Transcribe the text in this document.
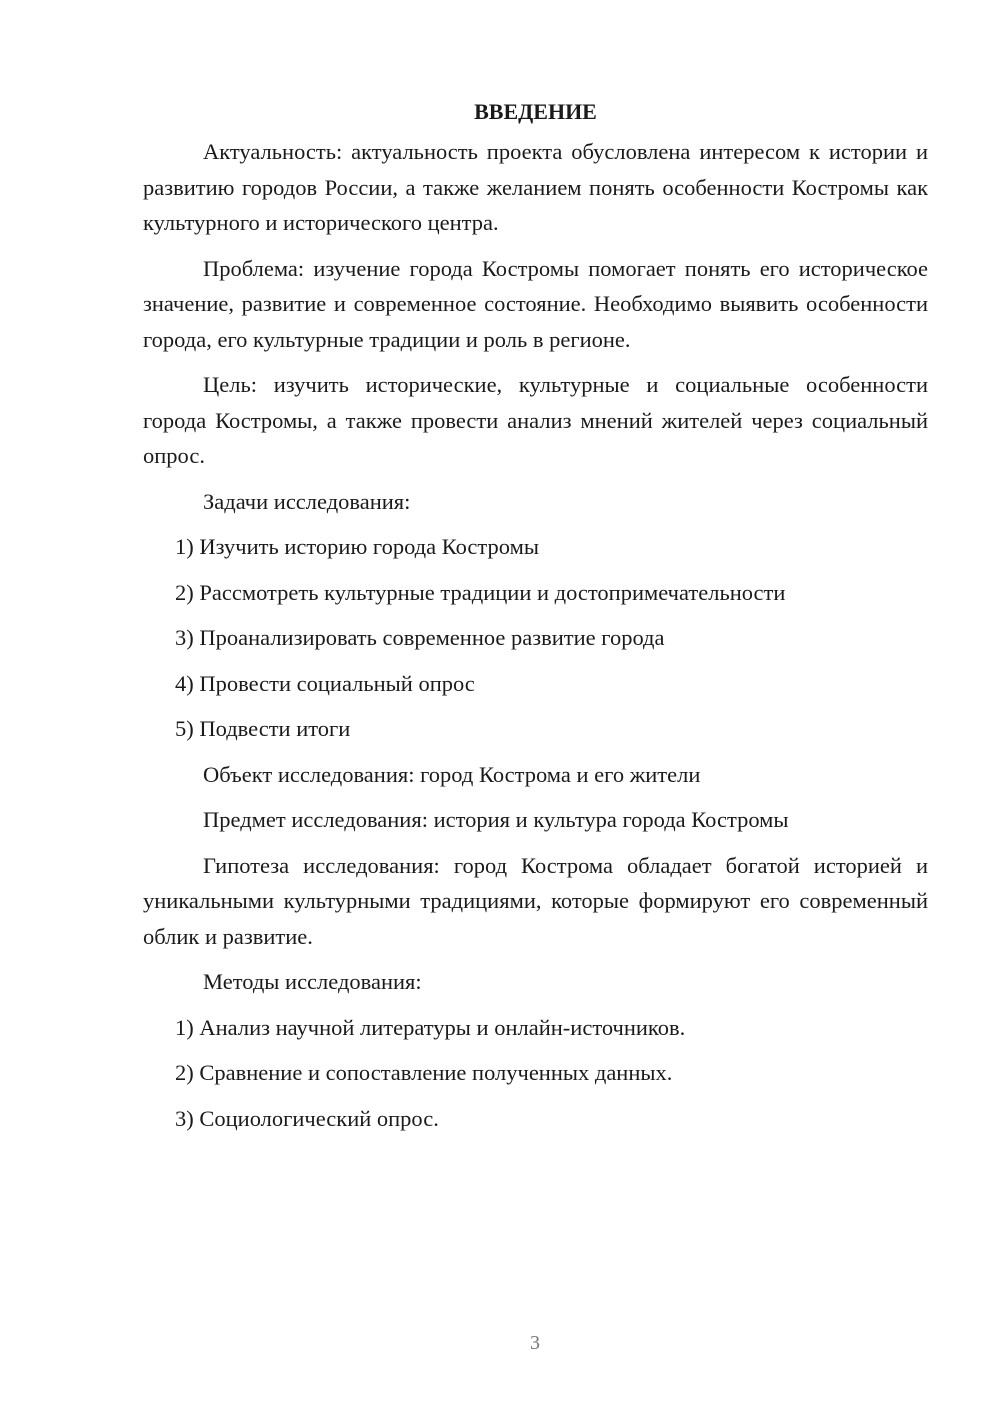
ВВЕДЕНИЕ

Актуальность: актуальность проекта обусловлена интересом к истории и развитию городов России, а также желанием понять особенности Костромы как культурного и исторического центра.

Проблема: изучение города Костромы помогает понять его историческое значение, развитие и современное состояние. Необходимо выявить особенности города, его культурные традиции и роль в регионе.

Цель: изучить исторические, культурные и социальные особенности города Костромы, а также провести анализ мнений жителей через социальный опрос.

Задачи исследования:

1) Изучить историю города Костромы
2) Рассмотреть культурные традиции и достопримечательности
3) Проанализировать современное развитие города
4) Провести социальный опрос
5) Подвести итоги

Объект исследования: город Кострома и его жители

Предмет исследования: история и культура города Костромы

Гипотеза исследования: город Кострома обладает богатой историей и уникальными культурными традициями, которые формируют его современный облик и развитие.

Методы исследования:

1) Анализ научной литературы и онлайн-источников.
2) Сравнение и сопоставление полученных данных.
3) Социологический опрос.
3
